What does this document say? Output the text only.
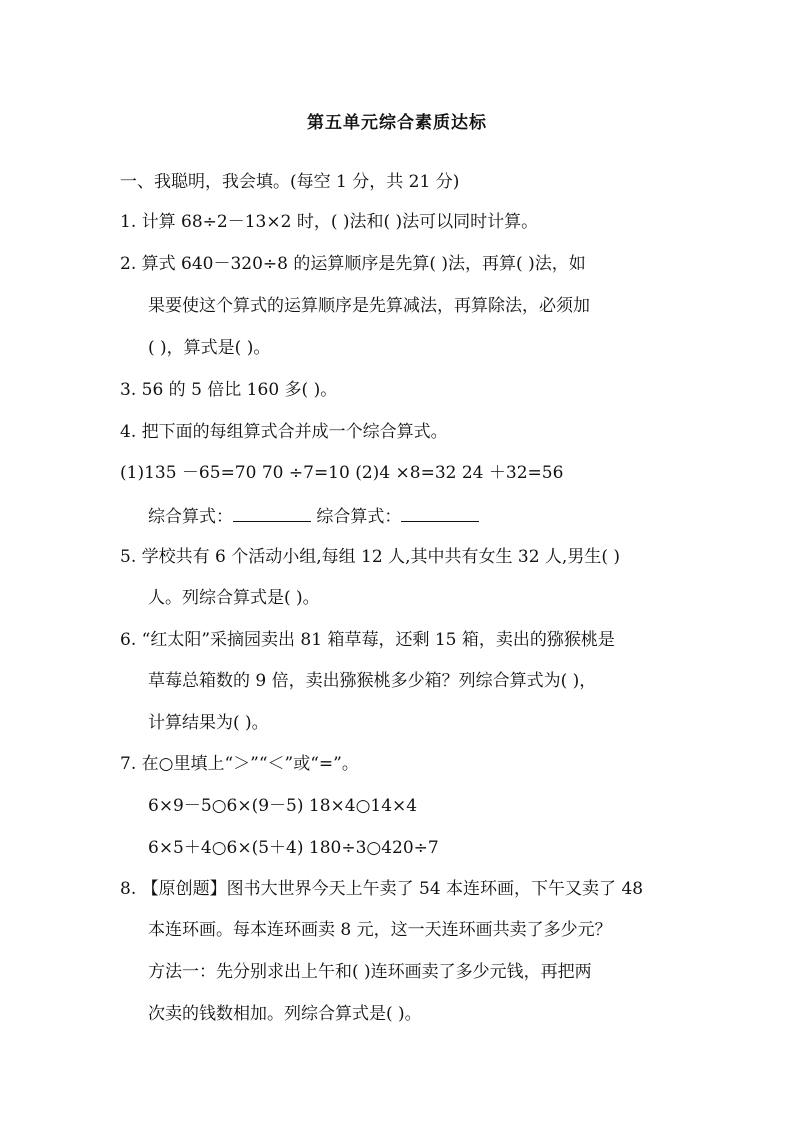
第五单元综合素质达标
一、我聪明，我会填。(每空 1 分，共 21 分)
1. 计算 68÷2－13×2 时，( )法和( )法可以同时计算。
2. 算式 640－320÷8 的运算顺序是先算( )法，再算( )法，如
果要使这个算式的运算顺序是先算减法，再算除法，必须加
( )，算式是( )。
3. 56 的 5 倍比 160 多( )。
4. 把下面的每组算式合并成一个综合算式。
(1)135 －65=70 70 ÷7=10 (2)4 ×8=32 24 ＋32=56
综合算式：	综合算式：
5. 学校共有 6 个活动小组,每组 12 人,其中共有女生 32 人,男生( )
人。列综合算式是( )。
6. “红太阳”采摘园卖出 81 箱草莓，还剩 15 箱，卖出的猕猴桃是
草莓总箱数的 9 倍，卖出猕猴桃多少箱？列综合算式为( )，
计算结果为( )。
7. 在○里填上“＞”“＜”或“=”。
6×9－5○6×(9－5) 18×4○14×4
6×5＋4○6×(5＋4) 180÷3○420÷7
8. 【原创题】图书大世界今天上午卖了 54 本连环画，下午又卖了 48
本连环画。每本连环画卖 8 元，这一天连环画共卖了多少元？
方法一：先分别求出上午和( )连环画卖了多少元钱，再把两
次卖的钱数相加。列综合算式是( )。
